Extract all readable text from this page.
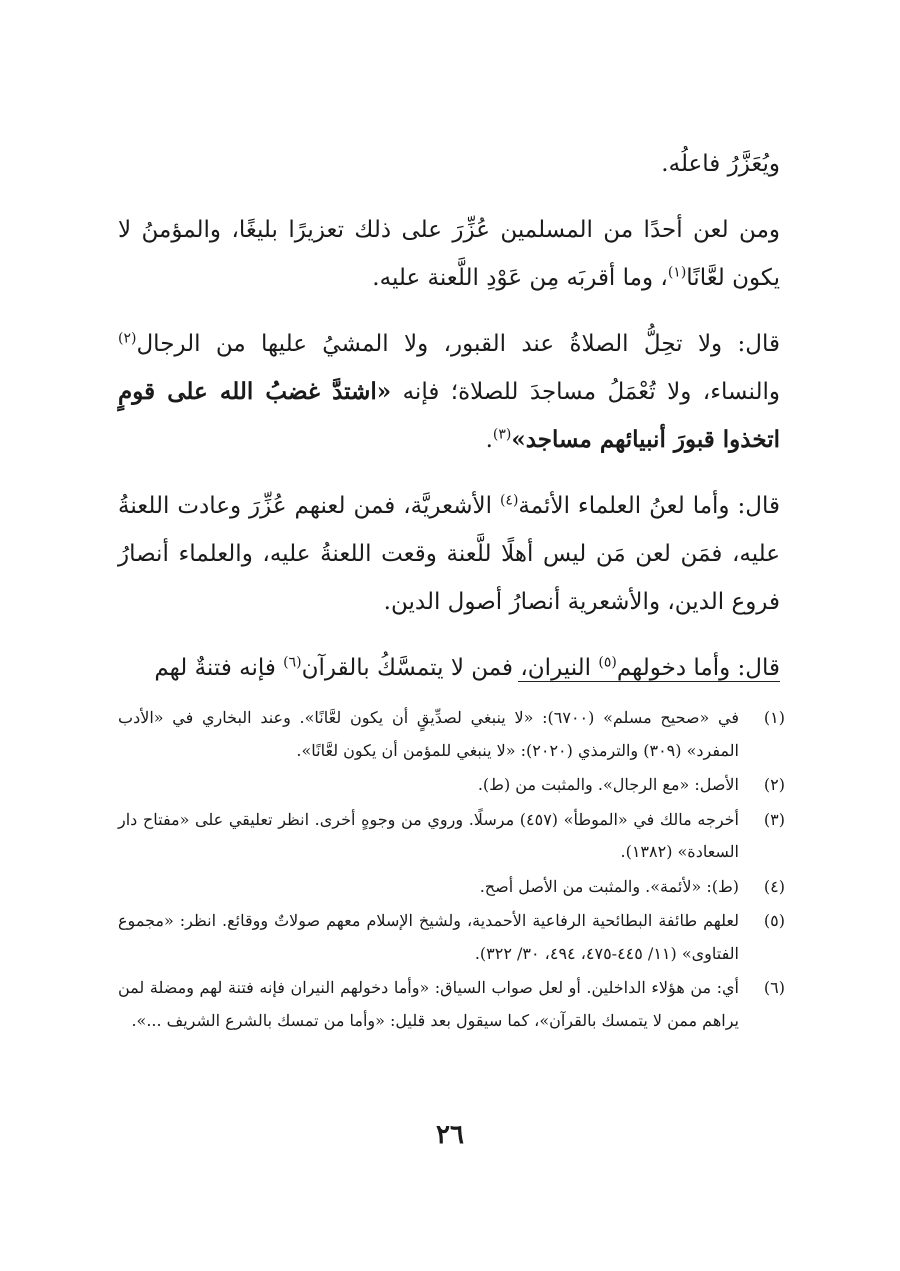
ويُعَزَّرُ فاعلُه.

ومن لعن أحدًا من المسلمين عُزِّرَ على ذلك تعزيرًا بليغًا، والمؤمنُ لا يكون لعَّانًا$^{(١)}$، وما أقربَه مِن عَوْدِ اللَّعنة عليه.

قال: ولا تحِلُّ الصلاةُ عند القبور، ولا المشيُ عليها من الرجال$^{(٢)}$ والنساء، ولا تُعْمَلُ مساجدَ للصلاة؛ فإنه «اشتدَّ غضبُ الله على قومٍ اتخذوا قبورَ أنبيائهم مساجد»$^{(٣)}$.

قال: وأما لعنُ العلماء الأئمة$^{(٤)}$ الأشعريَّة، فمن لعنهم عُزِّرَ وعادت اللعنةُ عليه، فمَن لعن مَن ليس أهلًا للَّعنة وقعت اللعنةُ عليه، والعلماء أنصارُ فروع الدين، والأشعرية أنصارُ أصول الدين.

قال: وأما دخولهم$^{(٥)}$ النيران، فمن لا يتمسَّكُ بالقرآن$^{(٦)}$ فإنه فتنةٌ لهم

(١)
في «صحيح مسلم» (٦٧٠٠): «لا ينبغي لصدِّيقٍ أن يكون لعَّانًا». وعند البخاري في «الأدب المفرد» (٣٠٩) والترمذي (٢٠٢٠): «لا ينبغي للمؤمن أن يكون لعَّانًا».
(٢)
الأصل: «مع الرجال». والمثبت من (ط).
(٣)
أخرجه مالك في «الموطأ» (٤٥٧) مرسلًا. وروي من وجوهٍ أخرى. انظر تعليقي على «مفتاح دار السعادة» (١٣٨٢).
(٤)
(ط): «لأئمة». والمثبت من الأصل أصح.
(٥)
لعلهم طائفة البطائحية الرفاعية الأحمدية، ولشيخ الإسلام معهم صولاتٌ ووقائع. انظر: «مجموع الفتاوى» (١١/ ٤٤٥-٤٧٥، ٤٩٤، ٣٠/ ٣٢٢).
(٦)
أي: من هؤلاء الداخلين. أو لعل صواب السياق: «وأما دخولهم النيران فإنه فتنة لهم ومضلة لمن يراهم ممن لا يتمسك بالقرآن»، كما سيقول بعد قليل: «وأما من تمسك بالشرع الشريف ...».
٢٦
